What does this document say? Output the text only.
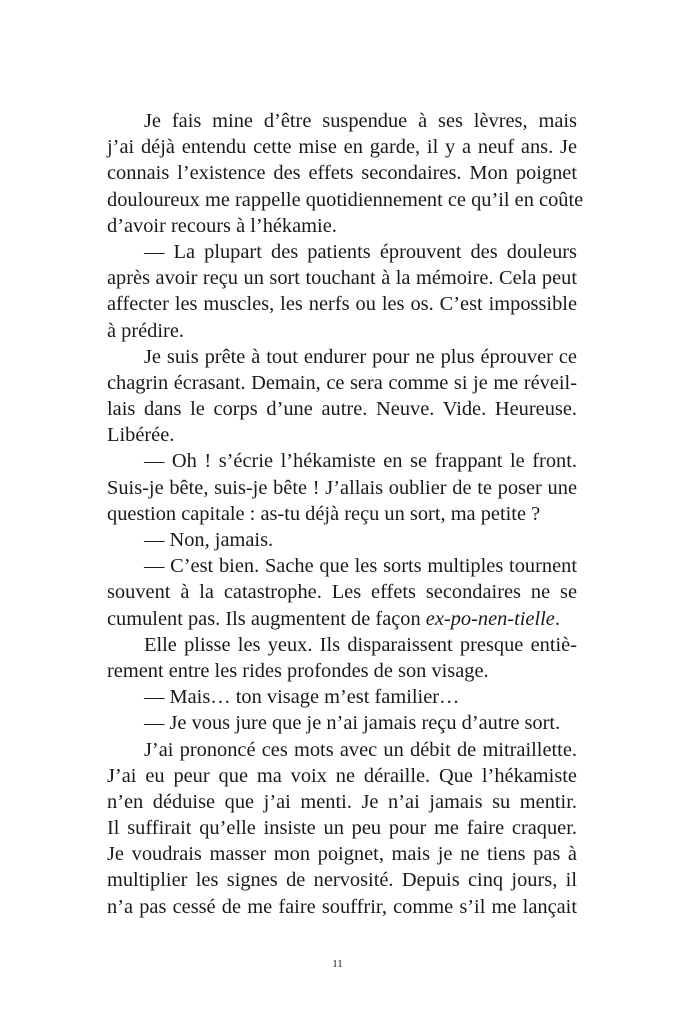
Je fais mine d’être suspendue à ses lèvres, mais
j’ai déjà entendu cette mise en garde, il y a neuf ans. Je
connais l’existence des effets secondaires. Mon poignet
douloureux me rappelle quotidiennement ce qu’il en coûte
d’avoir recours à l’hékamie.
— La plupart des patients éprouvent des douleurs
après avoir reçu un sort touchant à la mémoire. Cela peut
affecter les muscles, les nerfs ou les os. C’est impossible
à prédire.
Je suis prête à tout endurer pour ne plus éprouver ce
chagrin écrasant. Demain, ce sera comme si je me réveil-
lais dans le corps d’une autre. Neuve. Vide. Heureuse.
Libérée.
— Oh ! s’écrie l’hékamiste en se frappant le front.
Suis-je bête, suis-je bête ! J’allais oublier de te poser une
question capitale : as-tu déjà reçu un sort, ma petite ?
— Non, jamais.
— C’est bien. Sache que les sorts multiples tournent
souvent à la catastrophe. Les effets secondaires ne se
cumulent pas. Ils augmentent de façon ex-po-nen-tielle.
Elle plisse les yeux. Ils disparaissent presque entiè-
rement entre les rides profondes de son visage.
— Mais… ton visage m’est familier…
— Je vous jure que je n’ai jamais reçu d’autre sort.
J’ai prononcé ces mots avec un débit de mitraillette.
J’ai eu peur que ma voix ne déraille. Que l’hékamiste
n’en déduise que j’ai menti. Je n’ai jamais su mentir.
Il suffirait qu’elle insiste un peu pour me faire craquer.
Je voudrais masser mon poignet, mais je ne tiens pas à
multiplier les signes de nervosité. Depuis cinq jours, il
n’a pas cessé de me faire souffrir, comme s’il me lançait
11
